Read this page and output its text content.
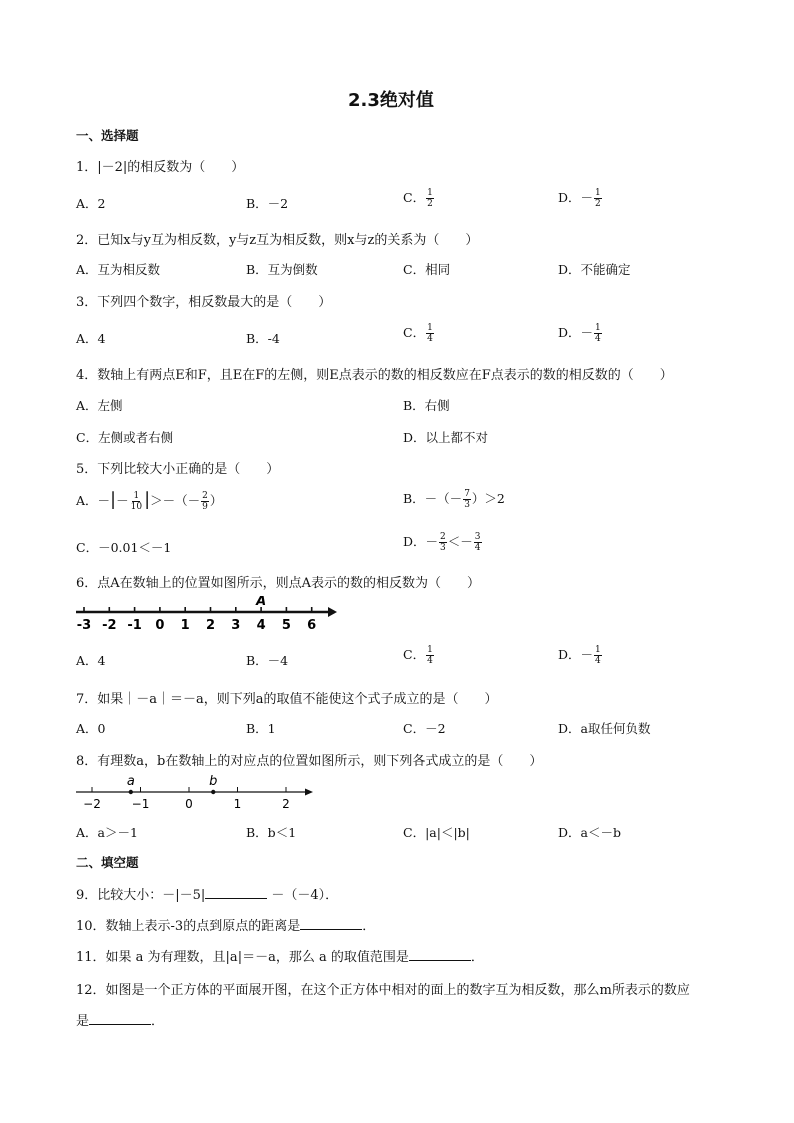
2.3绝对值
一、选择题
1．|－2|的相反数为（　　）
A．2	B．－2	C． $\frac{1}{2}$	D．－ $\frac{1}{2}$
2．已知x与y互为相反数，y与z互为相反数，则x与z的关系为（　　）
A．互为相反数	B．互为倒数	C．相同	D．不能确定
3．下列四个数字，相反数最大的是（　　）
A．4	B．-4	C． $\frac{1}{4}$	D．－ $\frac{1}{4}$
4．数轴上有两点E和F，且E在F的左侧，则E点表示的数的相反数应在F点表示的数的相反数的（　　）
A．左侧	B．右侧
C．左侧或者右侧	D．以上都不对
5．下列比较大小正确的是（　　）
A．－|－ $\frac{1}{10}$ |＞－（－ $\frac{2}{9}$ ）	B．－（－ $\frac{7}{3} )>2$
C．－0.01＜－1	D．－ $\frac{2}{3} <- \frac{3}{4}$
6．点A在数轴上的位置如图所示，则点A表示的数的相反数为（　　）
-3 -2 -1 0 1 2 3 4 5 6
A
A．4	B．－4	C． $\frac{1}{4}$	D．－ $\frac{1}{4}$
7．如果｜－a｜＝－a，则下列a的取值不能使这个式子成立的是（　　）
A．0	B．1	C．－2	D．a取任何负数
8．有理数a，b在数轴上的对应点的位置如图所示，则下列各式成立的是（　　）
−2	−1	0	1	2
a	b
A．a＞－1	B．b＜1	C．|a|＜|b|	D．a＜－b
二、填空题
9．比较大小：－|－5|	－（－4）．
10．数轴上表示-3的点到原点的距离是	．
11．如果 a 为有理数，且|a|＝－a，那么 a 的取值范围是	．
12．如图是一个正方体的平面展开图，在这个正方体中相对的面上的数字互为相反数，那么m所表示的数应
是	．
